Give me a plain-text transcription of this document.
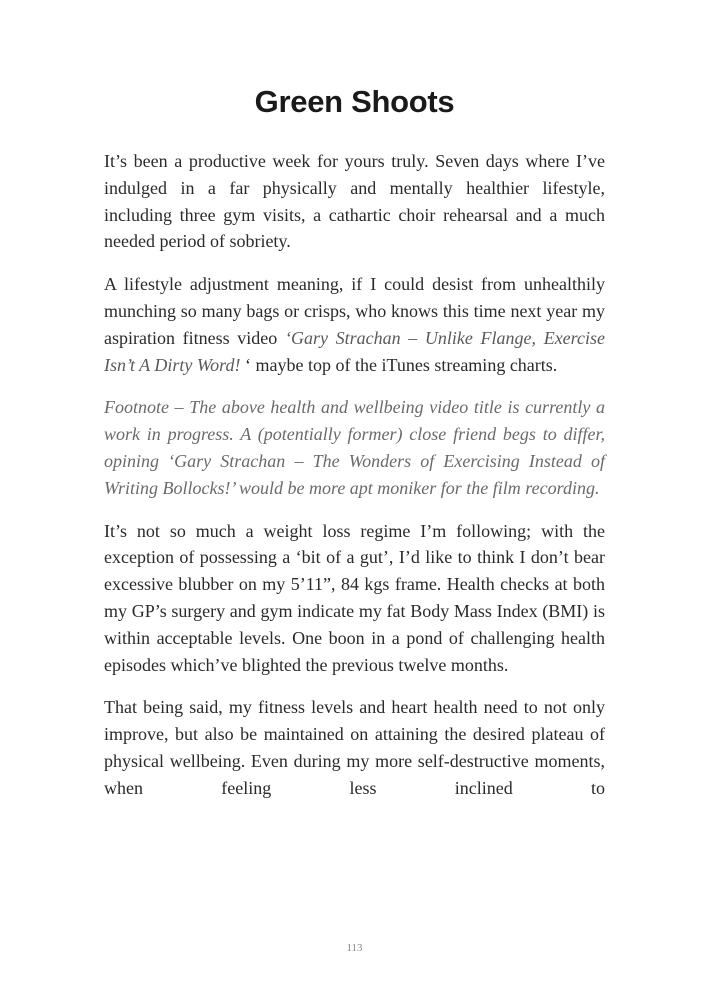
Green Shoots

It’s been a productive week for yours truly. Seven days where I’ve indulged in a far physically and mentally healthier lifestyle, including three gym visits, a cathartic choir rehearsal and a much needed period of sobriety.

A lifestyle adjustment meaning, if I could desist from unhealthily munching so many bags or crisps, who knows this time next year my aspiration fitness video ‘Gary Strachan – Unlike Flange, Exercise Isn’t A Dirty Word! ‘ maybe top of the iTunes streaming charts.

Footnote – The above health and wellbeing video title is currently a work in progress. A (potentially former) close friend begs to differ, opining ‘Gary Strachan – The Wonders of Exercising Instead of Writing Bollocks!’ would be more apt moniker for the film recording.

It’s not so much a weight loss regime I’m following; with the exception of possessing a ‘bit of a gut’, I’d like to think I don’t bear excessive blubber on my 5’11”, 84 kgs frame. Health checks at both my GP’s surgery and gym indicate my fat Body Mass Index (BMI) is within acceptable levels. One boon in a pond of challenging health episodes which’ve blighted the previous twelve months.

That being said, my fitness levels and heart health need to not only improve, but also be maintained on attaining the desired plateau of physical wellbeing. Even during my more self-destructive moments, when feeling less inclined to

113
